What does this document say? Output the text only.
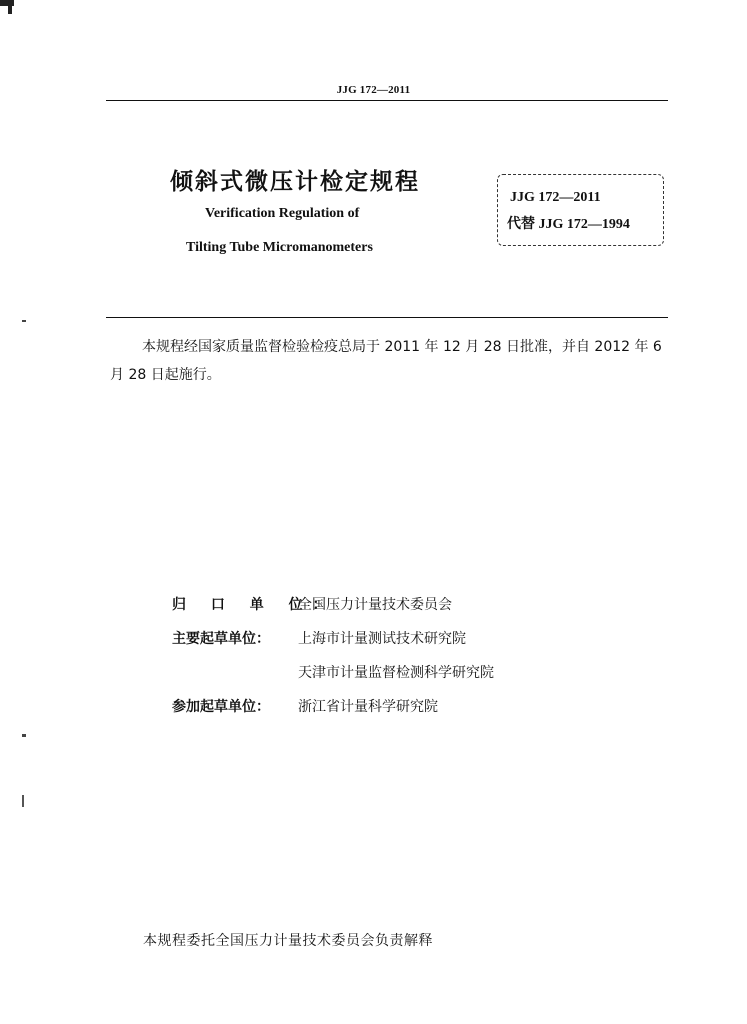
JJG 172—2011
倾斜式微压计检定规程
Verification Regulation of
Tilting Tube Micromanometers
JJG 172—2011
代替 JJG 172—1994
本规程经国家质量监督检验检疫总局于 2011 年 12 月 28 日批准，并自 2012 年 6 月 28 日起施行。
归 口 单 位：全国压力计量技术委员会
主要起草单位： 上海市计量测试技术研究院
天津市计量监督检测科学研究院
参加起草单位： 浙江省计量科学研究院
本规程委托全国压力计量技术委员会负责解释
